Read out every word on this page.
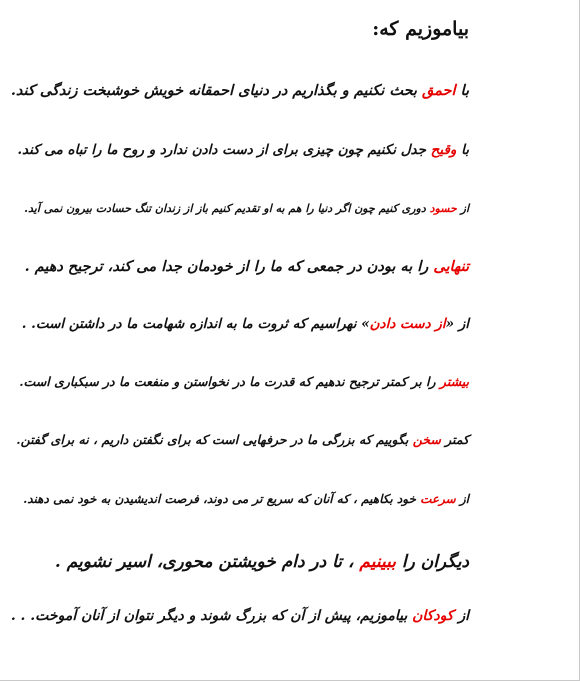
بیاموزیم که:
با احمق بحث نکنیم و بگذاریم در دنیای احمقانه خویش خوشبخت زندگی کند.
با وقیح جدل نکنیم چون چیزی برای از دست دادن ندارد و روح ما را تباه می کند.
از حسود دوری کنیم چون اگر دنیا را هم به او تقدیم کنیم باز از زندان تنگ حسادت بیرون نمی آید.
تنهایی را به بودن در جمعی که ما را از خودمان جدا می کند، ترجیح دهیم .
از «از دست دادن» نهراسیم که ثروت ما به اندازه شهامت ما در داشتن است. .
بیشتر را بر کمتر ترجیح ندهیم که قدرت ما در نخواستن و منفعت ما در سبکباری است.
کمتر سخن بگوییم که بزرگی ما در حرفهایی است که برای نگفتن داریم ، نه برای گفتن.
از سرعت خود بکاهیم ، که آنان که سریع تر می دوند، فرصت اندیشیدن به خود نمی دهند.
دیگران را ببینیم ، تا در دام خویشتن محوری، اسیر نشویم .
از کودکان بیاموزیم، پیش از آن که بزرگ شوند و دیگر نتوان از آنان آموخت. . .
